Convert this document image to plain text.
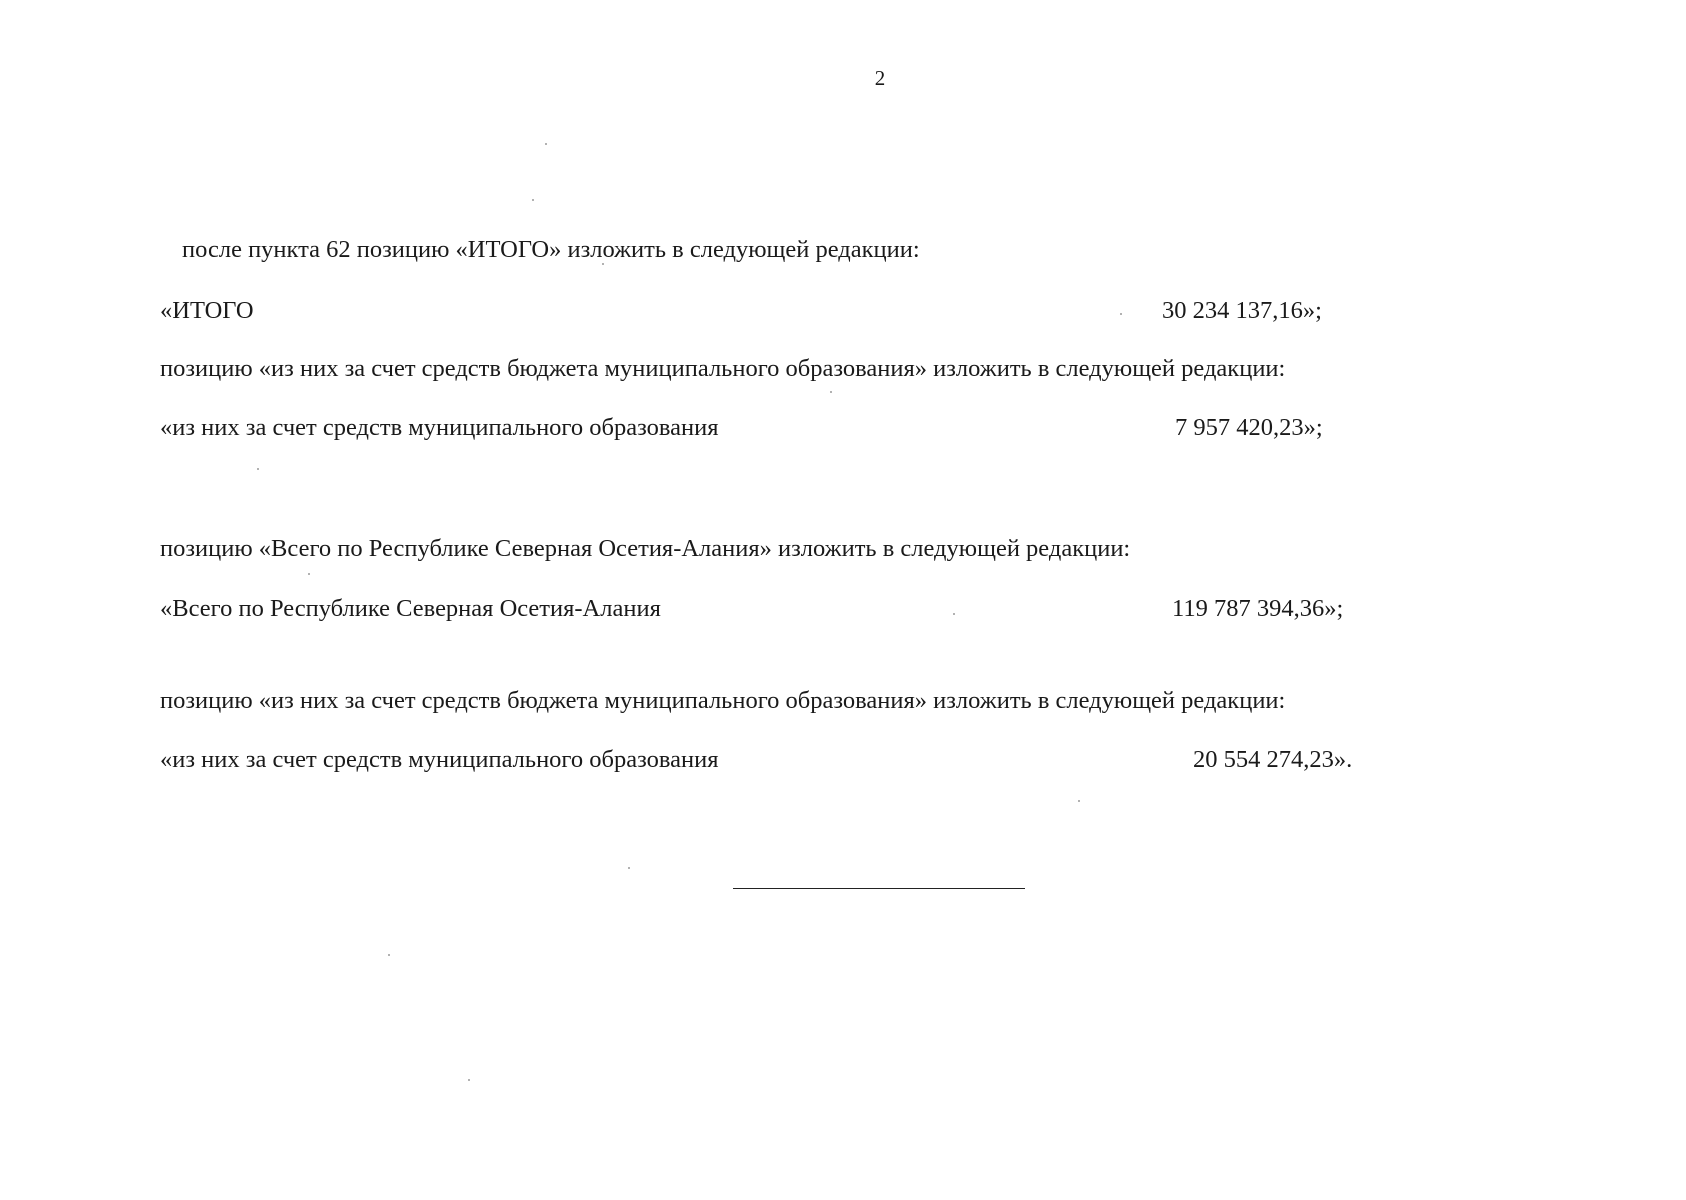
2
после пункта 62 позицию «ИТОГО» изложить в следующей редакции:
«ИТОГО	30 234 137,16»;
позицию «из них за счет средств бюджета муниципального образования» изложить в следующей редакции:
«из них за счет средств муниципального образования	7 957 420,23»;
позицию «Всего по Республике Северная Осетия-Алания» изложить в следующей редакции:
«Всего по Республике Северная Осетия-Алания	119 787 394,36»;
позицию «из них за счет средств бюджета муниципального образования» изложить в следующей редакции:
«из них за счет средств муниципального образования	20 554 274,23».
